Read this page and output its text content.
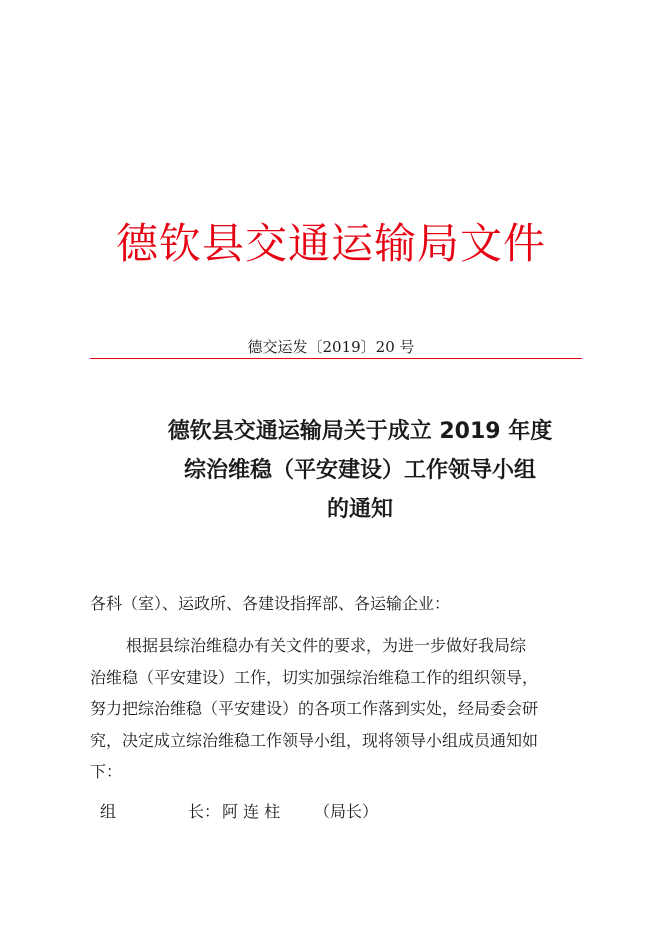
德钦县交通运输局文件
德交运发〔2019〕20 号
德钦县交通运输局关于成立 2019 年度
综治维稳（平安建设）工作领导小组
的通知
各科（室）、运政所、各建设指挥部、各运输企业：
根据县综治维稳办有关文件的要求，为进一步做好我局综
治维稳（平安建设）工作，切实加强综治维稳工作的组织领导，
努力把综治维稳（平安建设）的各项工作落到实处，经局委会研
究，决定成立综治维稳工作领导小组，现将领导小组成员通知如
下：
组	长： 阿 连 柱 （局长）
